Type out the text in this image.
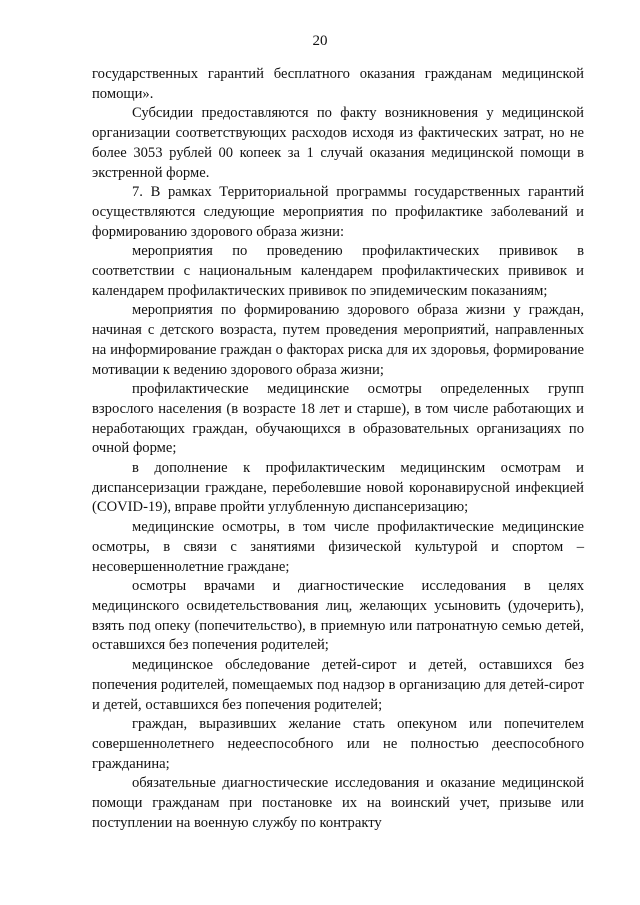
20

государственных гарантий бесплатного оказания гражданам медицинской помощи».

Субсидии предоставляются по факту возникновения у медицинской организации соответствующих расходов исходя из фактических затрат, но не более 3053 рублей 00 копеек за 1 случай оказания медицинской помощи в экстренной форме.

7. В рамках Территориальной программы государственных гарантий осуществляются следующие мероприятия по профилактике заболеваний и формированию здорового образа жизни:

мероприятия по проведению профилактических прививок в соответствии с национальным календарем профилактических прививок и календарем профилактических прививок по эпидемическим показаниям;

мероприятия по формированию здорового образа жизни у граждан, начиная с детского возраста, путем проведения мероприятий, направленных на информирование граждан о факторах риска для их здоровья, формирование мотивации к ведению здорового образа жизни;

профилактические медицинские осмотры определенных групп взрослого населения (в возрасте 18 лет и старше), в том числе работающих и неработающих граждан, обучающихся в образовательных организациях по очной форме;

в дополнение к профилактическим медицинским осмотрам и диспансеризации граждане, переболевшие новой коронавирусной инфекцией (COVID-19), вправе пройти углубленную диспансеризацию;

медицинские осмотры, в том числе профилактические медицинские осмотры, в связи с занятиями физической культурой и спортом – несовершеннолетние граждане;

осмотры врачами и диагностические исследования в целях медицинского освидетельствования лиц, желающих усыновить (удочерить), взять под опеку (попечительство), в приемную или патронатную семью детей, оставшихся без попечения родителей;

медицинское обследование детей-сирот и детей, оставшихся без попечения родителей, помещаемых под надзор в организацию для детей-сирот и детей, оставшихся без попечения родителей;

граждан, выразивших желание стать опекуном или попечителем совершеннолетнего недееспособного или не полностью дееспособного гражданина;

обязательные диагностические исследования и оказание медицинской помощи гражданам при постановке их на воинский учет, призыве или поступлении на военную службу по контракту
